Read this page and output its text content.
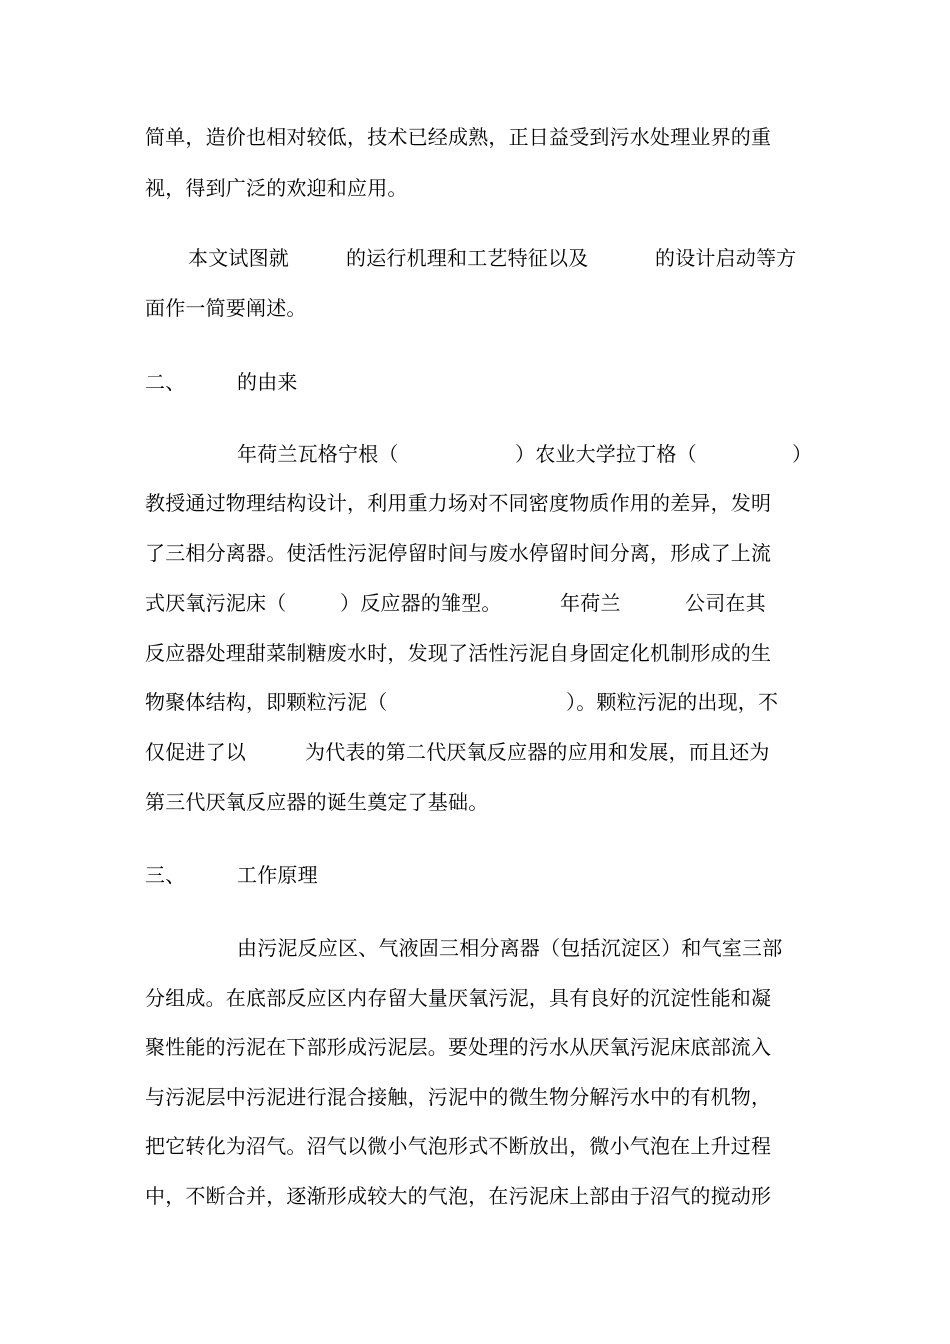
简单，造价也相对较低，技术已经成熟，正日益受到污水处理业界的重
视，得到广泛的欢迎和应用。
本文试图就	的运行机理和工艺特征以及	的设计启动等方
面作一简要阐述。
二、	的由来
年荷兰瓦格宁根（	）农业大学拉丁格（	）
教授通过物理结构设计，利用重力场对不同密度物质作用的差异，发明
了三相分离器。使活性污泥停留时间与废水停留时间分离，形成了上流
式厌氧污泥床（	）反应器的雏型。	年荷兰	公司在其
反应器处理甜菜制糖废水时，发现了活性污泥自身固定化机制形成的生
物聚体结构，即颗粒污泥（	）。颗粒污泥的出现，不
仅促进了以	为代表的第二代厌氧反应器的应用和发展，而且还为
第三代厌氧反应器的诞生奠定了基础。
三、	工作原理
由污泥反应区、气液固三相分离器（包括沉淀区）和气室三部
分组成。在底部反应区内存留大量厌氧污泥，具有良好的沉淀性能和凝
聚性能的污泥在下部形成污泥层。要处理的污水从厌氧污泥床底部流入
与污泥层中污泥进行混合接触，污泥中的微生物分解污水中的有机物，
把它转化为沼气。沼气以微小气泡形式不断放出，微小气泡在上升过程
中，不断合并，逐渐形成较大的气泡，在污泥床上部由于沼气的搅动形
